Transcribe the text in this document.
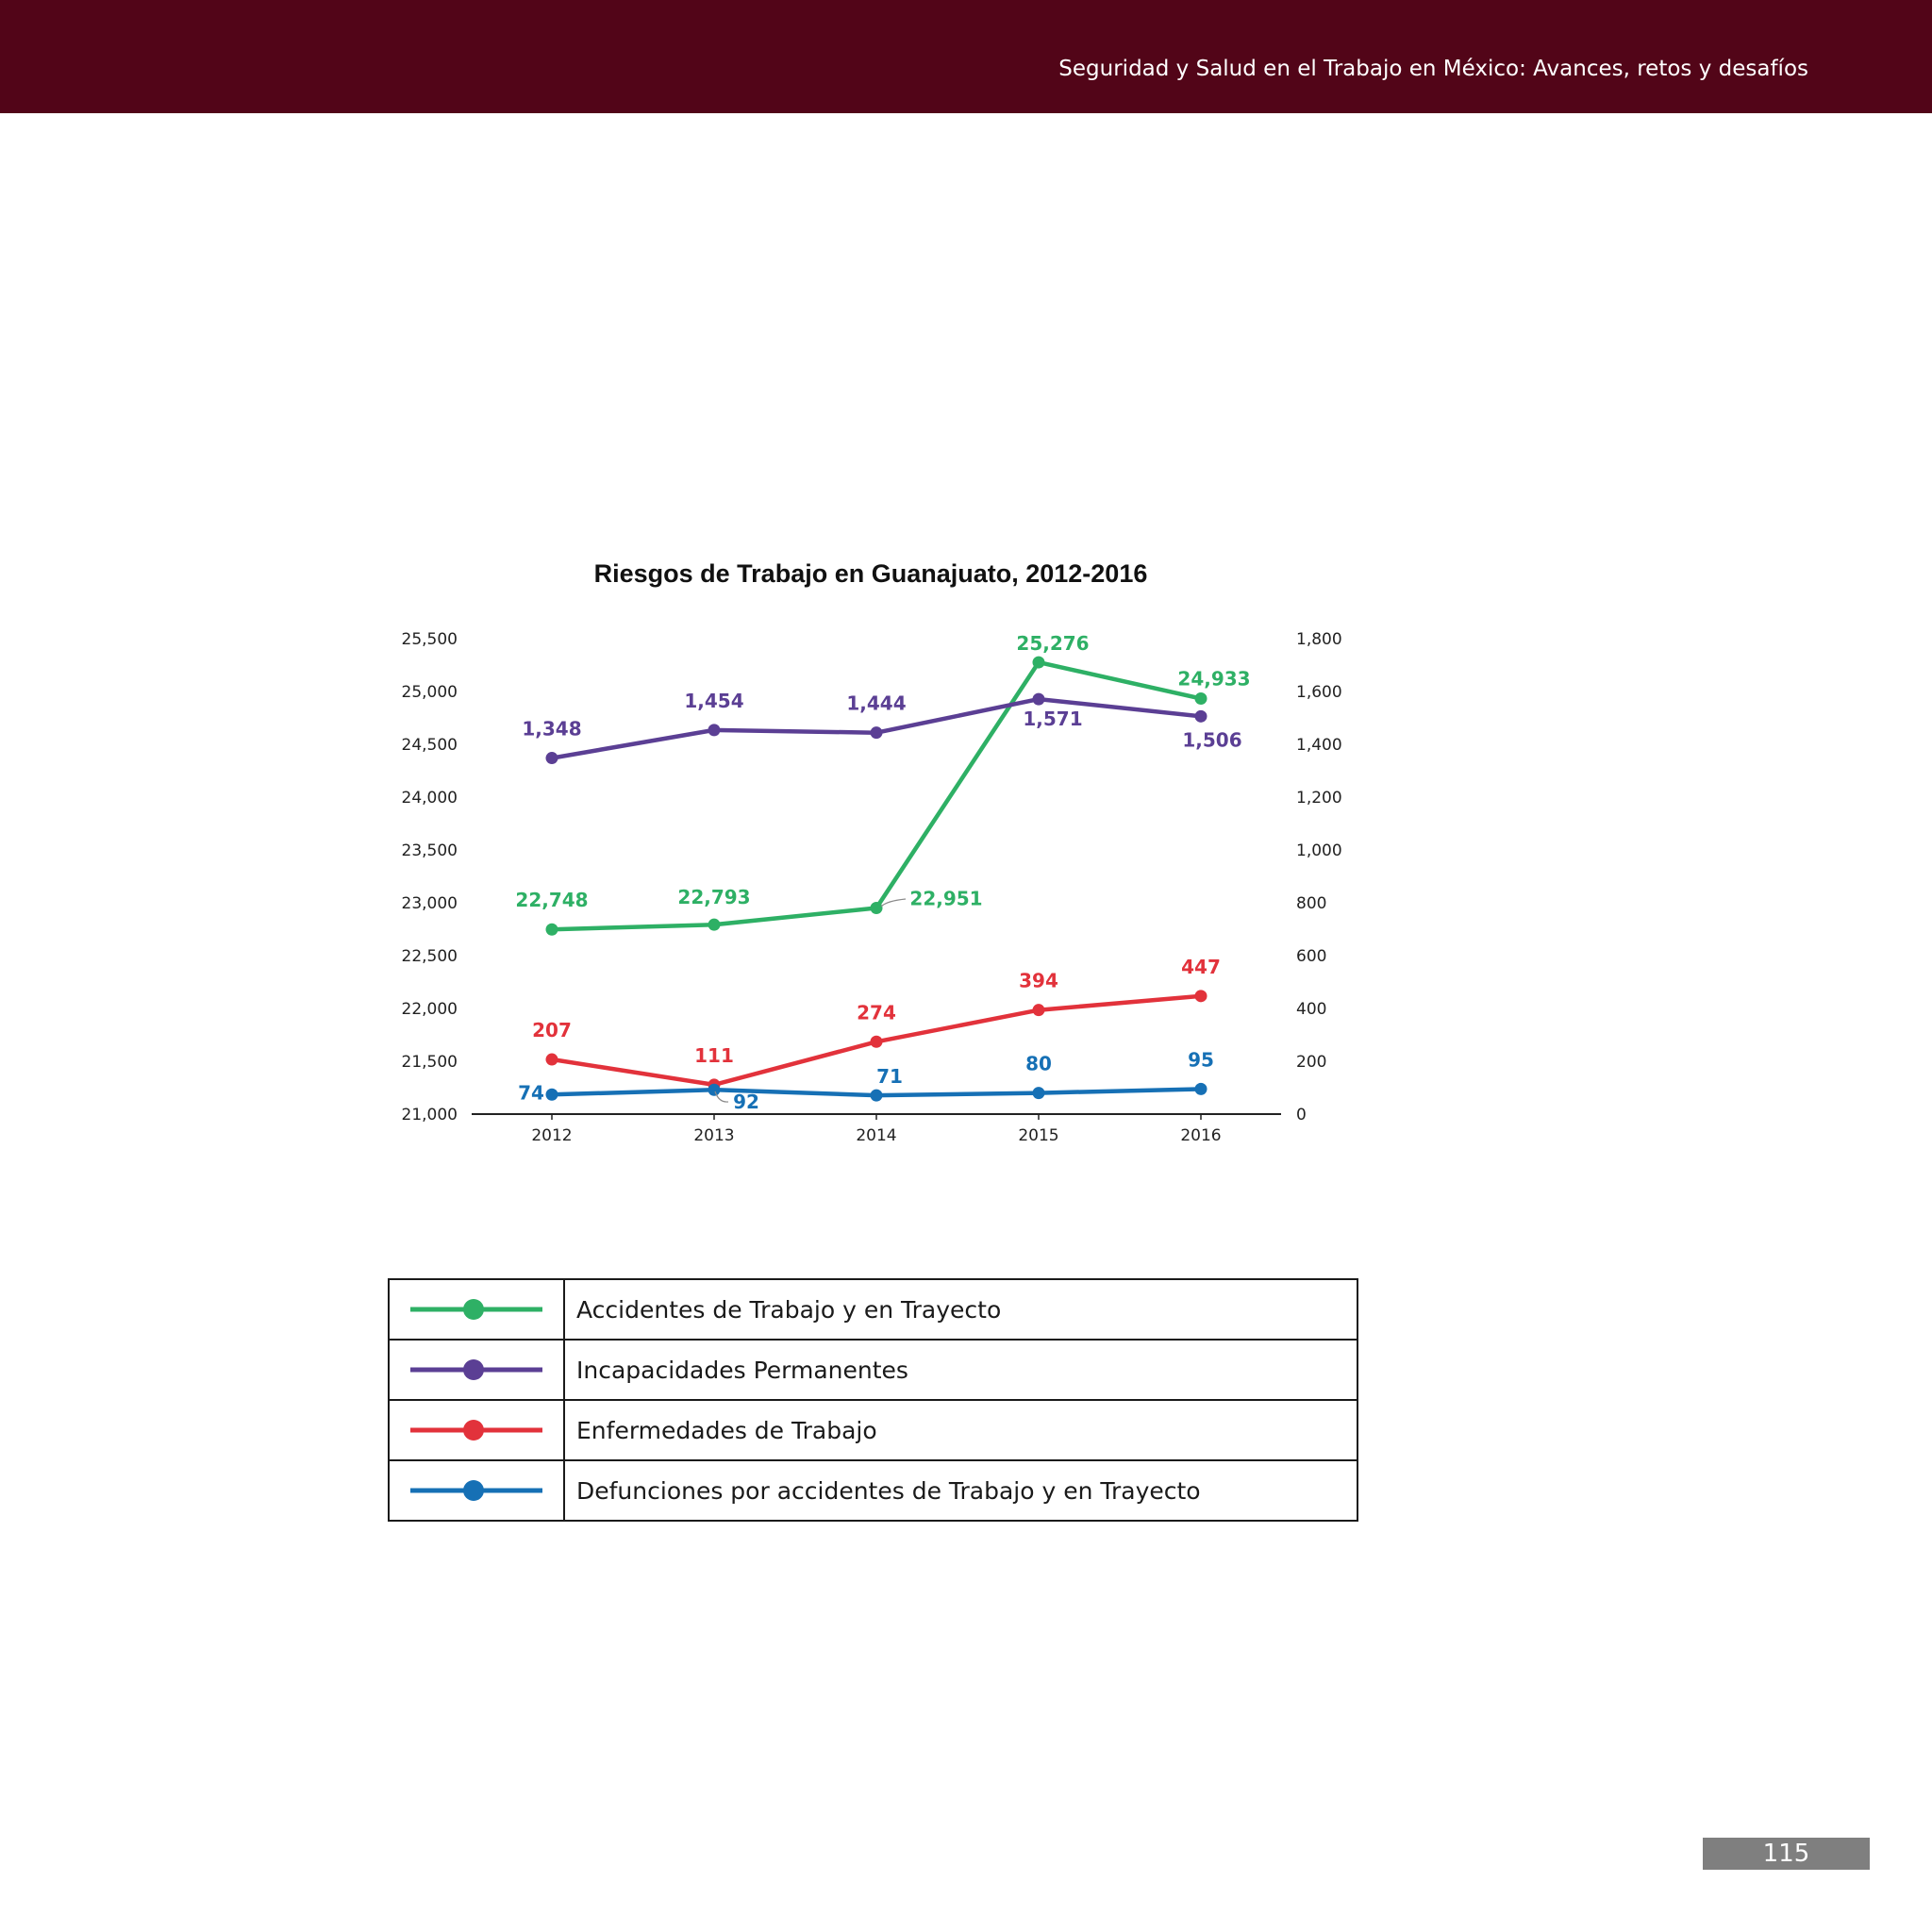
Seguridad y Salud en el Trabajo en México: Avances, retos y desafíos
Riesgos de Trabajo en Guanajuato, 2012-2016
21,000
21,500
22,000
22,500
23,000
23,500
24,000
24,500
25,000
25,500
0
200
400
600
800
1,000
1,200
1,400
1,600
1,800
2012	2013	2014	2015	2016
22,748	22,793	22,951
25,276
24,933
1,348
1,454	1,444
1,571
1,506
207
111
274
394
447
74	92
71
80	95
	Accidentes de Trabajo y en Trayecto
	Incapacidades Permanentes
	Enfermedades de Trabajo
	Defunciones por accidentes de Trabajo y en Trayecto
115
